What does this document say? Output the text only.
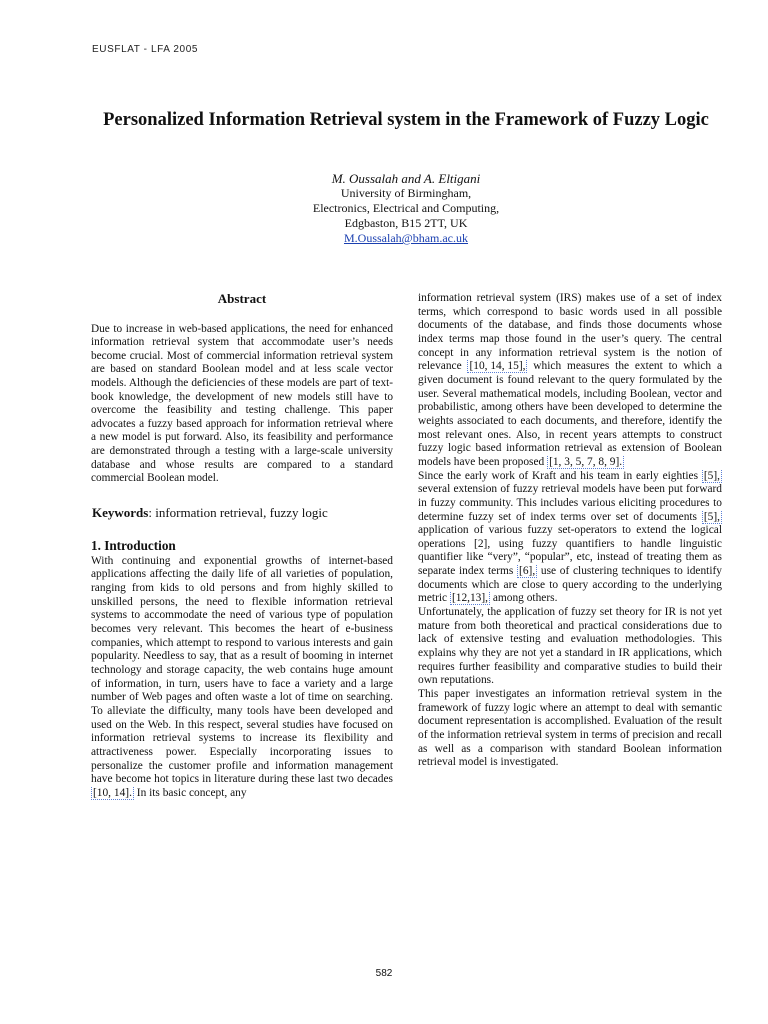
EUSFLAT - LFA 2005
Personalized Information Retrieval system in the Framework of Fuzzy Logic
M. Oussalah and A. Eltigani
University of Birmingham,
Electronics, Electrical and Computing,
Edgbaston, B15 2TT, UK
M.Oussalah@bham.ac.uk
Abstract

Due to increase in web-based applications, the need for enhanced information retrieval system that accommodate user’s needs become crucial. Most of commercial information retrieval system are based on standard Boolean model and at less scale vector models. Although the deficiencies of these models are part of text-book knowledge, the development of new models still have to overcome the feasibility and testing challenge. This paper advocates a fuzzy based approach for information retrieval where a new model is put forward. Also, its feasibility and performance are demonstrated through a testing with a large-scale university database and whose results are compared to a standard commercial Boolean model.

Keywords: information retrieval, fuzzy logic
1. Introduction

With continuing and exponential growths of internet-based applications affecting the daily life of all varieties of population, ranging from kids to old persons and from highly skilled to unskilled persons, the need to flexible information retrieval systems to accommodate the need of various type of population becomes very relevant. This becomes the heart of e-business companies, which attempt to respond to various interests and gain popularity. Needless to say, that as a result of booming in internet technology and storage capacity, the web contains huge amount of information, in turn, users have to face a variety and a large number of Web pages and often waste a lot of time on searching. To alleviate the difficulty, many tools have been developed and used on the Web. In this respect, several studies have focused on information retrieval systems to increase its flexibility and attractiveness power. Especially incorporating issues to personalize the customer profile and information management have become hot topics in literature during these last two decades [10, 14]. In its basic concept, any

information retrieval system (IRS) makes use of a set of index terms, which correspond to basic words used in all possible documents of the database, and finds those documents whose index terms map those found in the user’s query. The central concept in any information retrieval system is the notion of relevance [10, 14, 15], which measures the extent to which a given document is found relevant to the query formulated by the user. Several mathematical models, including Boolean, vector and probabilistic, among others have been developed to determine the weights associated to each documents, and therefore, identify the most relevant ones. Also, in recent years attempts to construct fuzzy logic based information retrieval as extension of Boolean models have been proposed [1, 3, 5, 7, 8, 9].

Since the early work of Kraft and his team in early eighties [5], several extension of fuzzy retrieval models have been put forward in fuzzy community. This includes various eliciting procedures to determine fuzzy set of index terms over set of documents [5], application of various fuzzy set-operators to extend the logical operations [2], using fuzzy quantifiers to handle linguistic quantifier like “very”, “popular”, etc, instead of treating them as separate index terms [6], use of clustering techniques to identify documents which are close to query according to the underlying metric [12,13], among others.

Unfortunately, the application of fuzzy set theory for IR is not yet mature from both theoretical and practical considerations due to lack of extensive testing and evaluation methodologies. This explains why they are not yet a standard in IR applications, which requires further feasibility and comparative studies to build their own reputations.

This paper investigates an information retrieval system in the framework of fuzzy logic where an attempt to deal with semantic document representation is accomplished. Evaluation of the result of the information retrieval system in terms of precision and recall as well as a comparison with standard Boolean information retrieval model is investigated.

582
